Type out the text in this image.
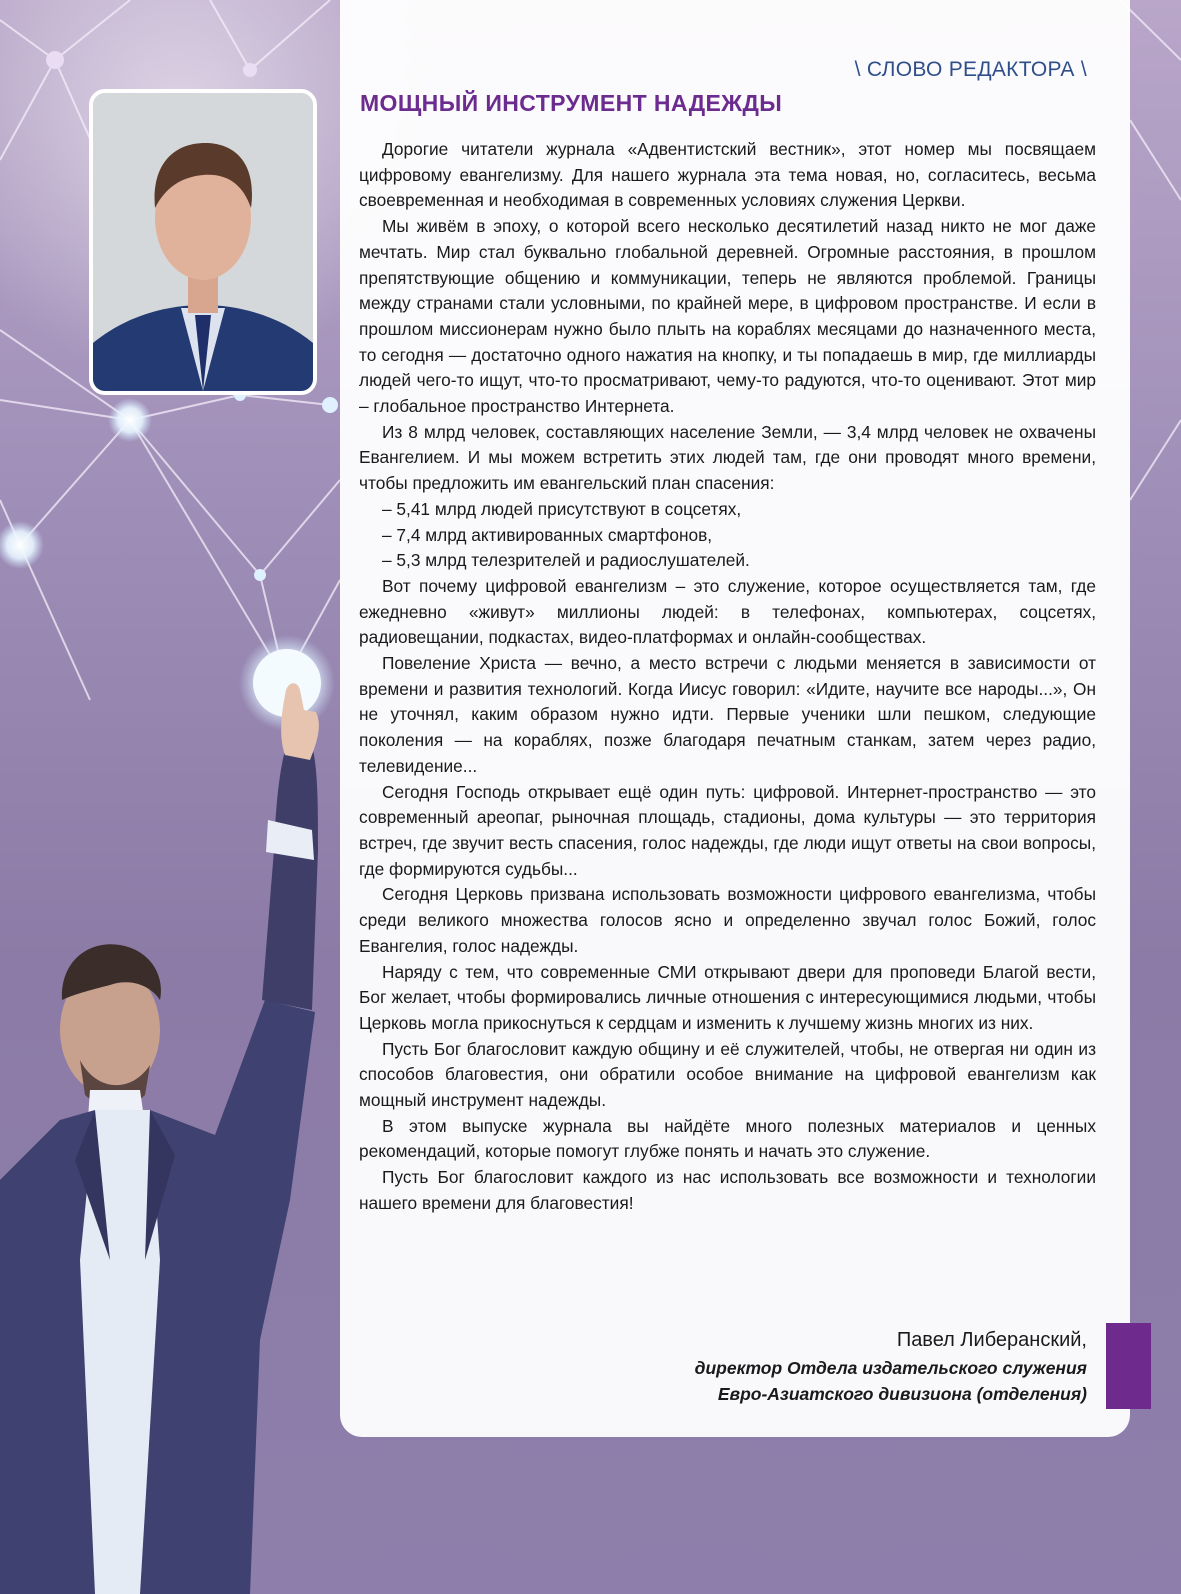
\ СЛОВО РЕДАКТОРА \
МОЩНЫЙ ИНСТРУМЕНТ НАДЕЖДЫ

Дорогие читатели журнала «Адвентистский вестник», этот номер мы посвящаем цифровому евангелизму. Для нашего журнала эта тема новая, но, согласитесь, весьма своевременная и необходимая в современных условиях служения Церкви.

Мы живём в эпоху, о которой всего несколько десятилетий назад никто не мог даже мечтать. Мир стал буквально глобальной деревней. Огромные расстояния, в прошлом препятствующие общению и коммуникации, теперь не являются проблемой. Границы между странами стали условными, по крайней мере, в цифровом пространстве. И если в прошлом миссионерам нужно было плыть на кораблях месяцами до назначенного места, то сегодня — достаточно одного нажатия на кнопку, и ты попадаешь в мир, где миллиарды людей чего-то ищут, что-то просматривают, чему-то радуются, что-то оценивают. Этот мир – глобальное пространство Интернета.

Из 8 млрд человек, составляющих население Земли, — 3,4 млрд человек не охвачены Евангелием. И мы можем встретить этих людей там, где они проводят много времени, чтобы предложить им евангельский план спасения:

– 5,41 млрд людей присутствуют в соцсетях,

– 7,4 млрд активированных смартфонов,

– 5,3 млрд телезрителей и радиослушателей.

Вот почему цифровой евангелизм – это служение, которое осуществляется там, где ежедневно «живут» миллионы людей: в телефонах, компьютерах, соцсетях, радиовещании, подкастах, видео-платформах и онлайн-сообществах.

Повеление Христа — вечно, а место встречи с людьми меняется в зависимости от времени и развития технологий. Когда Иисус говорил: «Идите, научите все народы...», Он не уточнял, каким образом нужно идти. Первые ученики шли пешком, следующие поколения — на кораблях, позже благодаря печатным станкам, затем через радио, телевидение...

Сегодня Господь открывает ещё один путь: цифровой. Интернет-пространство — это современный ареопаг, рыночная площадь, стадионы, дома культуры — это территория встреч, где звучит весть спасения, голос надежды, где люди ищут ответы на свои вопросы, где формируются судьбы...

Сегодня Церковь призвана использовать возможности цифрового евангелизма, чтобы среди великого множества голосов ясно и определенно звучал голос Божий, голос Евангелия, голос надежды.

Наряду с тем, что современные СМИ открывают двери для проповеди Благой вести, Бог желает, чтобы формировались личные отношения с интересующимися людьми, чтобы Церковь могла прикоснуться к сердцам и изменить к лучшему жизнь многих из них.

Пусть Бог благословит каждую общину и её служителей, чтобы, не отвергая ни один из способов благовестия, они обратили особое внимание на цифровой евангелизм как мощный инструмент надежды.

В этом выпуске журнала вы найдёте много полезных материалов и ценных рекомендаций, которые помогут глубже понять и начать это служение.

Пусть Бог благословит каждого из нас использовать все возможности и технологии нашего времени для благовестия!

Павел Либеранский,
директор Отдела издательского служения
Евро-Азиатского дивизиона (отделения)
